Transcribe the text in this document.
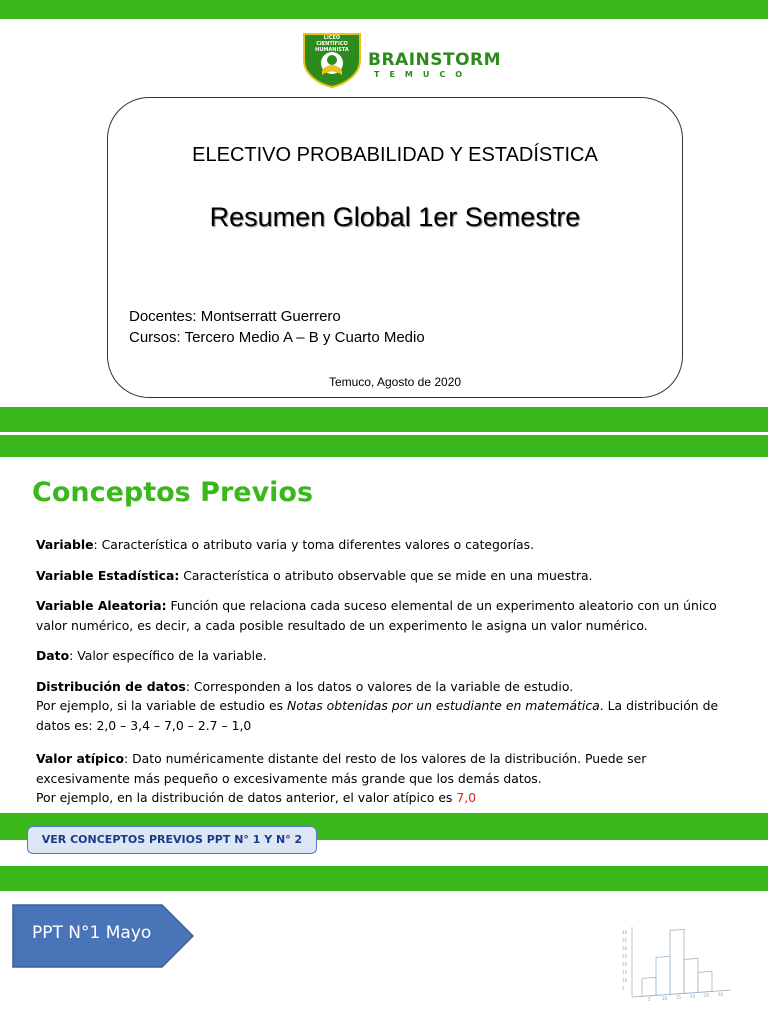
LICEO CIENTÍFICO HUMANISTA	BRAINSTORM
TEMUCO
ELECTIVO PROBABILIDAD Y ESTADÍSTICA
Resumen Global 1er Semestre
Docentes: Montserratt Guerrero
Cursos: Tercero Medio A – B y Cuarto Medio
Temuco, Agosto de 2020
Conceptos Previos

Variable: Característica o atributo varia y toma diferentes valores o categorías.

Variable Estadística: Característica o atributo observable que se mide en una muestra.

Variable Aleatoria: Función que relaciona cada suceso elemental de un experimento aleatorio con un único valor numérico, es decir, a cada posible resultado de un experimento le asigna un valor numérico.

Dato: Valor específico de la variable.

Distribución de datos: Corresponden a los datos o valores de la variable de estudio.
Por ejemplo, si la variable de estudio es Notas obtenidas por un estudiante en matemática. La distribución de datos es: 2,0 – 3,4 – 7,0 – 2.7 – 1,0

Valor atípico: Dato numéricamente distante del resto de los valores de la distribución. Puede ser excesivamente más pequeño o excesivamente más grande que los demás datos.
Por ejemplo, en la distribución de datos anterior, el valor atípico es 7,0

VER CONCEPTOS PREVIOS PPT N° 1 Y N° 2
PPT N°1 Mayo	40
35
30
25
20
15
10
5
5	10 15 20 25 30
